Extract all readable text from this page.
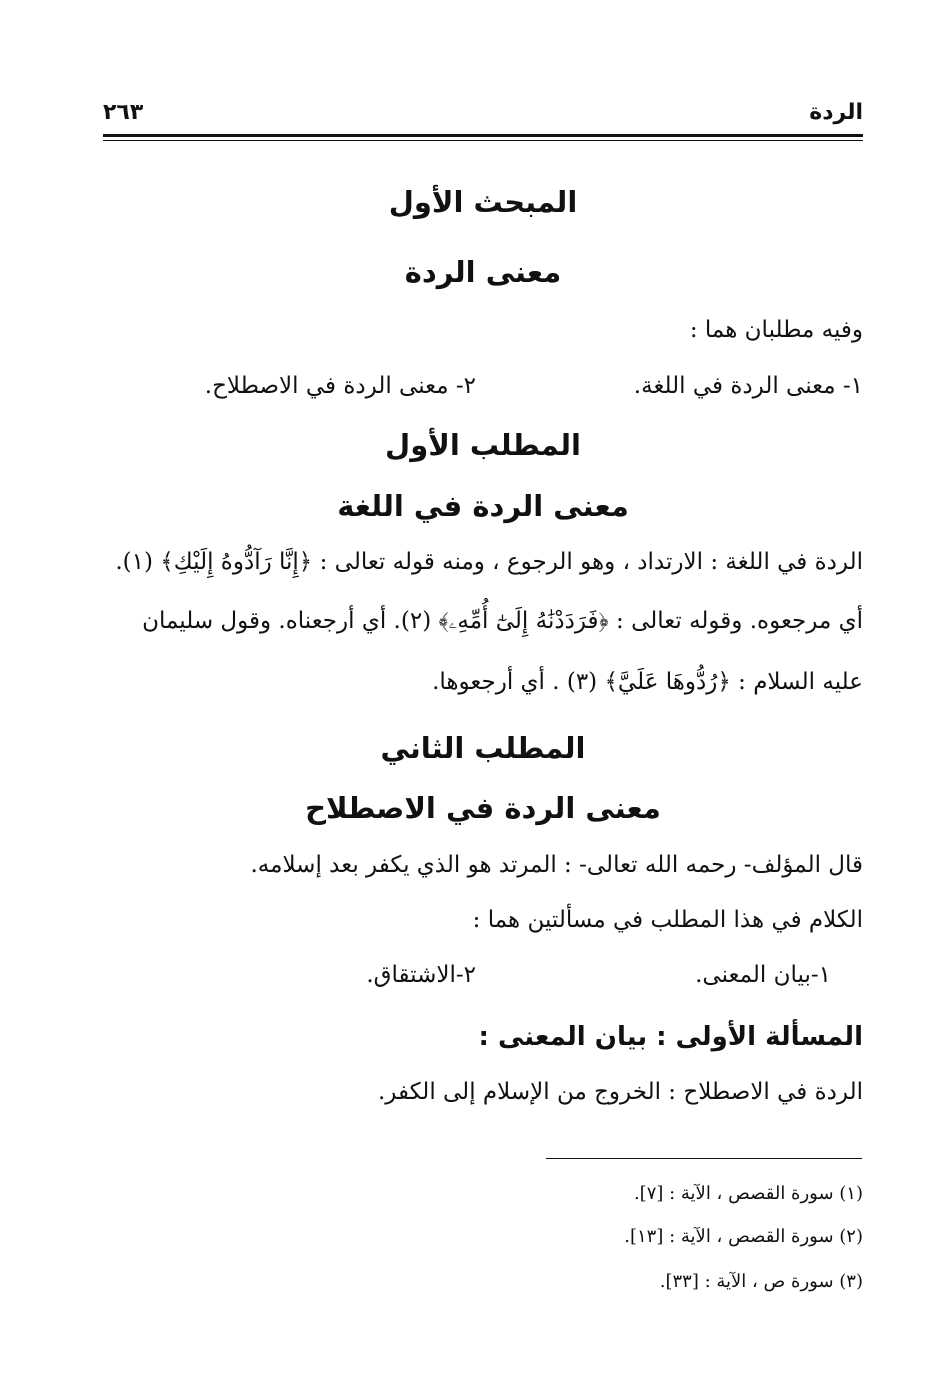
الردة
٢٦٣
المبحث الأول
معنى الردة
وفيه مطلبان هما :
١- معنى الردة في اللغة.
٢- معنى الردة في الاصطلاح.
المطلب الأول
معنى الردة في اللغة
الردة في اللغة : الارتداد ، وهو الرجوع ، ومنه قوله تعالى : ﴿إِنَّا رَآدُّوهُ إِلَيْكِ﴾ (١).
أي مرجعوه. وقوله تعالى : ﴿فَرَدَدْنَٰهُ إِلَىٰٓ أُمِّهِۦ﴾ (٢). أي أرجعناه. وقول سليمان
عليه السلام : ﴿رُدُّوهَا عَلَيَّ﴾ (٣) . أي أرجعوها.
المطلب الثاني
معنى الردة في الاصطلاح
قال المؤلف- رحمه الله تعالى- : المرتد هو الذي يكفر بعد إسلامه.
الكلام في هذا المطلب في مسألتين هما :
١-بيان المعنى.
٢-الاشتقاق.
المسألة الأولى : بيان المعنى :
الردة في الاصطلاح : الخروج من الإسلام إلى الكفر.
(١) سورة القصص ، الآية : [٧].
(٢) سورة القصص ، الآية : [١٣].
(٣) سورة ص ، الآية : [٣٣].
